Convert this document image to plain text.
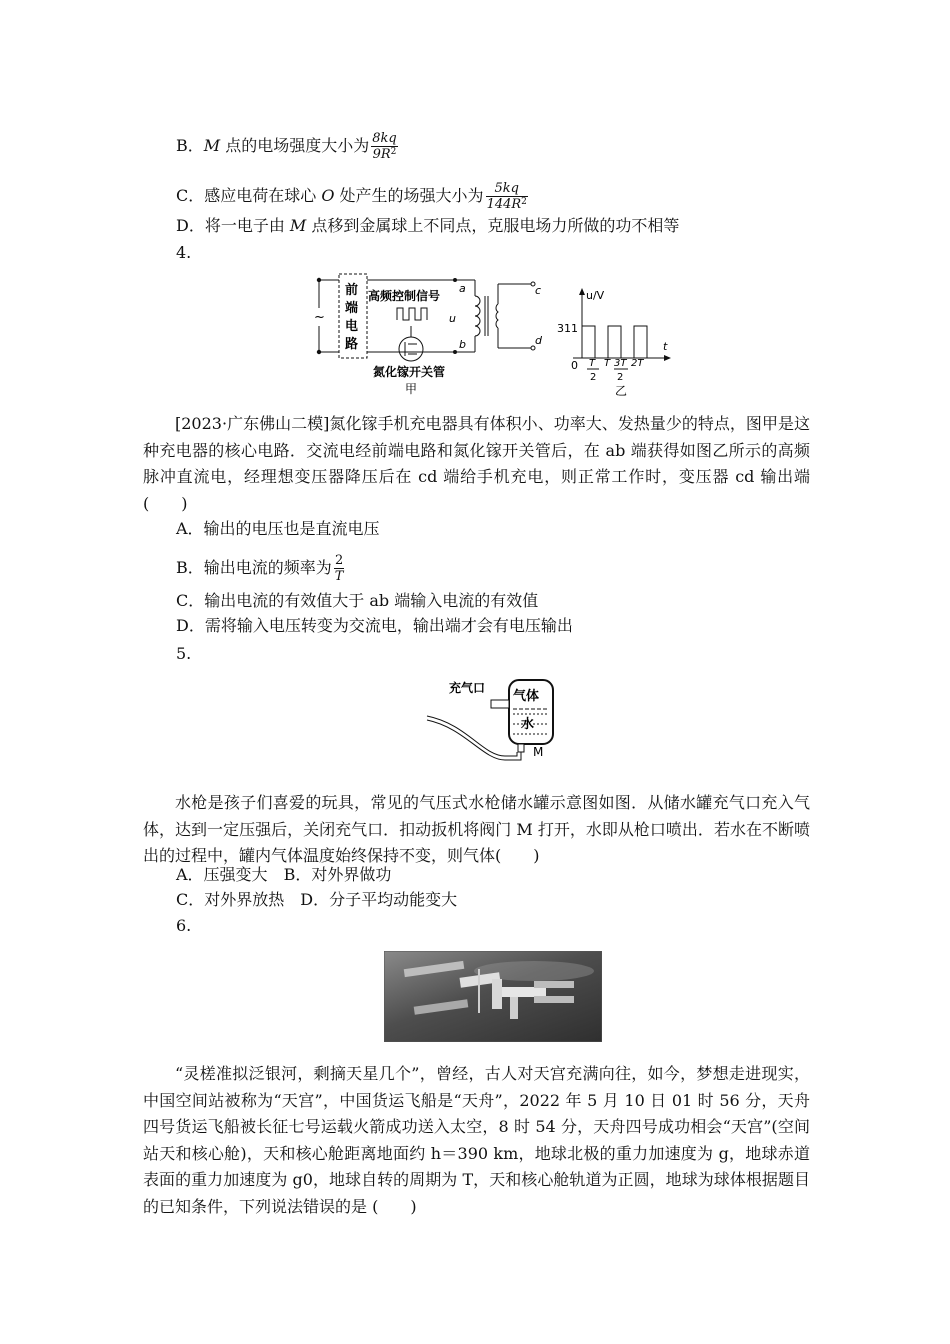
B．M 点的电场强度大小为 $\frac{8kq}{9R^2}$
C．感应电荷在球心 O 处产生的场强大小为 $\frac{5kq}{144R^2}$
D．将一电子由 M 点移到金属球上不同点，克服电场力所做的功不相等
4.
~
前
端
电
路
高频控制信号
氮化镓开关管
甲
a
b
u
c
d
u/V
311
0
t
T
2
T 3T
2
2T
乙
[2023·广东佛山二模]氮化镓手机充电器具有体积小、功率大、发热量少的特点，图甲是这种充电器的核心电路．交流电经前端电路和氮化镓开关管后，在 ab 端获得如图乙所示的高频脉冲直流电，经理想变压器降压后在 cd 端给手机充电，则正常工作时，变压器 cd 输出端(　　)
A．输出的电压也是直流电压
B．输出电流的频率为 $\frac{2}{T}$
C．输出电流的有效值大于 ab 端输入电流的有效值
D．需将输入电压转变为交流电，输出端才会有电压输出
5.
充气口
气体
水
M
水枪是孩子们喜爱的玩具，常见的气压式水枪储水罐示意图如图．从储水罐充气口充入气体，达到一定压强后，关闭充气口．扣动扳机将阀门 M 打开，水即从枪口喷出．若水在不断喷出的过程中，罐内气体温度始终保持不变，则气体(　　)
A．压强变大　 B．对外界做功
C．对外界放热　 D．分子平均动能变大
6.
“灵槎准拟泛银河，剩摘天星几个”，曾经，古人对天宫充满向往，如今，梦想走进现实，中国空间站被称为“天宫”，中国货运飞船是“天舟”，2022 年 5 月 10 日 01 时 56 分，天舟四号货运飞船被长征七号运载火箭成功送入太空，8 时 54 分，天舟四号成功相会“天宫”(空间站天和核心舱)，天和核心舱距离地面约 h＝390 km，地球北极的重力加速度为 g，地球赤道表面的重力加速度为 g0，地球自转的周期为 T，天和核心舱轨道为正圆，地球为球体根据题目的已知条件，下列说法错误的是 (　　)
